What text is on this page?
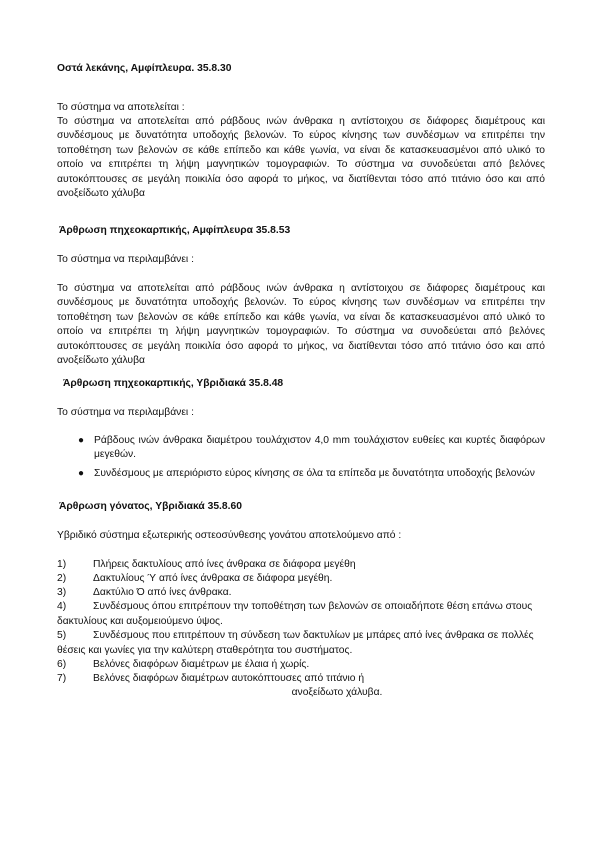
Οστά λεκάνης, Αμφίπλευρα. 35.8.30
Το σύστημα να αποτελείται :
Το σύστημα να αποτελείται από ράβδους ινών άνθρακα η αντίστοιχου σε διάφορες διαμέτρους και συνδέσμους με δυνατότητα υποδοχής βελονών. Το εύρος κίνησης των συνδέσμων να επιτρέπει την τοποθέτηση των βελονών σε κάθε επίπεδο και κάθε γωνία, να είναι δε κατασκευασμένοι από υλικό το οποίο να επιτρέπει τη λήψη μαγνητικών τομογραφιών. Το σύστημα να συνοδεύεται από βελόνες αυτοκόπτουσες σε μεγάλη ποικιλία όσο αφορά το μήκος, να διατίθενται τόσο από τιτάνιο όσο και από ανοξείδωτο χάλυβα
Άρθρωση πηχεοκαρπικής, Αμφίπλευρα 35.8.53
Το σύστημα να περιλαμβάνει :
Το σύστημα να αποτελείται από ράβδους ινών άνθρακα η αντίστοιχου σε διάφορες διαμέτρους και συνδέσμους με δυνατότητα υποδοχής βελονών. Το εύρος κίνησης των συνδέσμων να επιτρέπει την τοποθέτηση των βελονών σε κάθε επίπεδο και κάθε γωνία, να είναι δε κατασκευασμένοι από υλικό το οποίο να επιτρέπει τη λήψη μαγνητικών τομογραφιών. Το σύστημα να συνοδεύεται από βελόνες αυτοκόπτουσες σε μεγάλη ποικιλία όσο αφορά το μήκος, να διατίθενται τόσο από τιτάνιο όσο και από ανοξείδωτο χάλυβα
Άρθρωση πηχεοκαρπικής, Υβριδιακά 35.8.48
Το σύστημα να περιλαμβάνει :
● Ράβδους ινών άνθρακα διαμέτρου τουλάχιστον 4,0 mm τουλάχιστον ευθείες και κυρτές διαφόρων μεγεθών.
● Συνδέσμους με απεριόριστο εύρος κίνησης σε όλα τα επίπεδα με δυνατότητα υποδοχής βελονών
Άρθρωση γόνατος, Υβριδιακά 35.8.60
Υβριδικό σύστημα εξωτερικής οστεοσύνθεσης γονάτου αποτελούμενο από :
1)	Πλήρεις δακτυλίους από ίνες άνθρακα σε διάφορα μεγέθη
2)	Δακτυλίους Ύ από ίνες άνθρακα σε διάφορα μεγέθη.
3)	Δακτύλιο Ό από ίνες άνθρακα.
4)	Συνδέσμους όπου επιτρέπουν την τοποθέτηση των βελονών σε οποιαδήποτε θέση επάνω στους δακτυλίους και αυξομειούμενο ύψος.
5)	Συνδέσμους που επιτρέπουν τη σύνδεση των δακτυλίων με μπάρες από ίνες άνθρακα σε πολλές θέσεις και γωνίες για την καλύτερη σταθερότητα του συστήματος.
6)	Βελόνες διαφόρων διαμέτρων με έλαια ή χωρίς.
7)	Βελόνες διαφόρων διαμέτρων αυτοκόπτουσες από τιτάνιο ή
ανοξείδωτο χάλυβα.
